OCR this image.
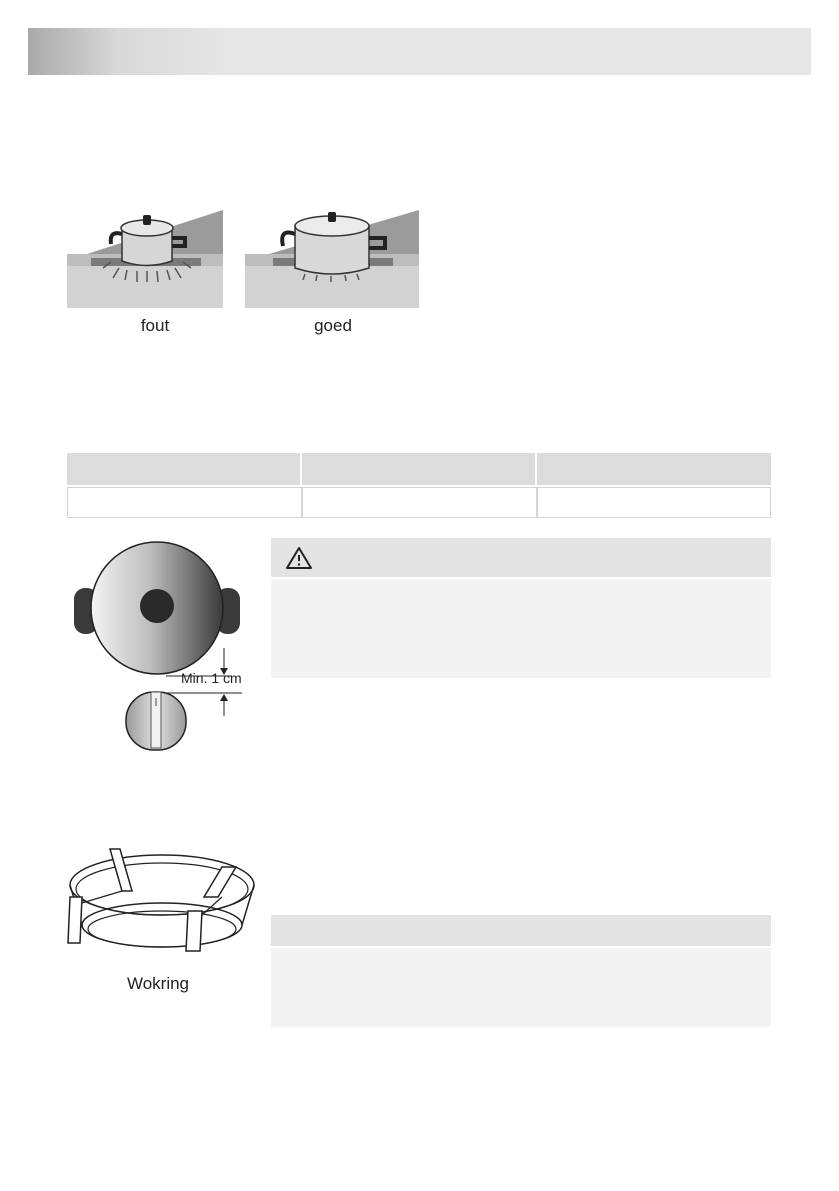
fout	goed
Min. 1 cm
Wokring
